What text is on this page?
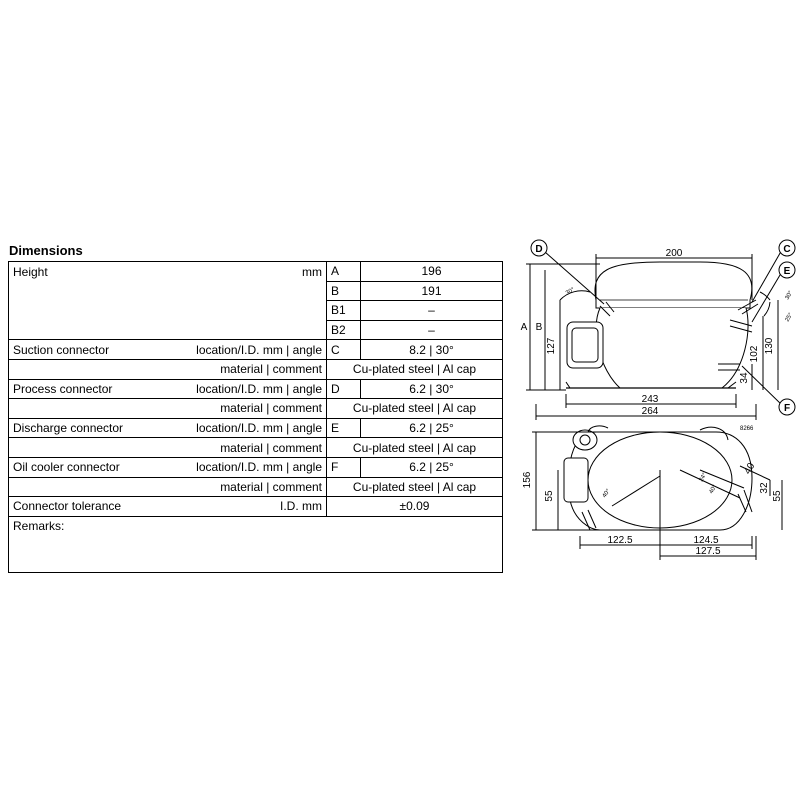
Dimensions
Height	mm	A	196
		B	191
		B1	–
		B2	–
Suction connector	location/I.D. mm | angle	C	8.2 | 30°
	material | comment	Cu-plated steel | Al cap	
Process connector	location/I.D. mm | angle	D	6.2 | 30°
	material | comment	Cu-plated steel | Al cap	
Discharge connector	location/I.D. mm | angle	E	6.2 | 25°
	material | comment	Cu-plated steel | Al cap	
Oil cooler connector	location/I.D. mm | angle	F	6.2 | 25°
	material | comment	Cu-plated steel | Al cap	
Connector tolerance	I.D. mm	±0.09	
Remarks:			
D	C
E
F
200
A B
127	130
102
34
243
264
30°	30°
25°
8266
156
55	55
32
40
122.5	124.5
127.5
40°
24°
40°
